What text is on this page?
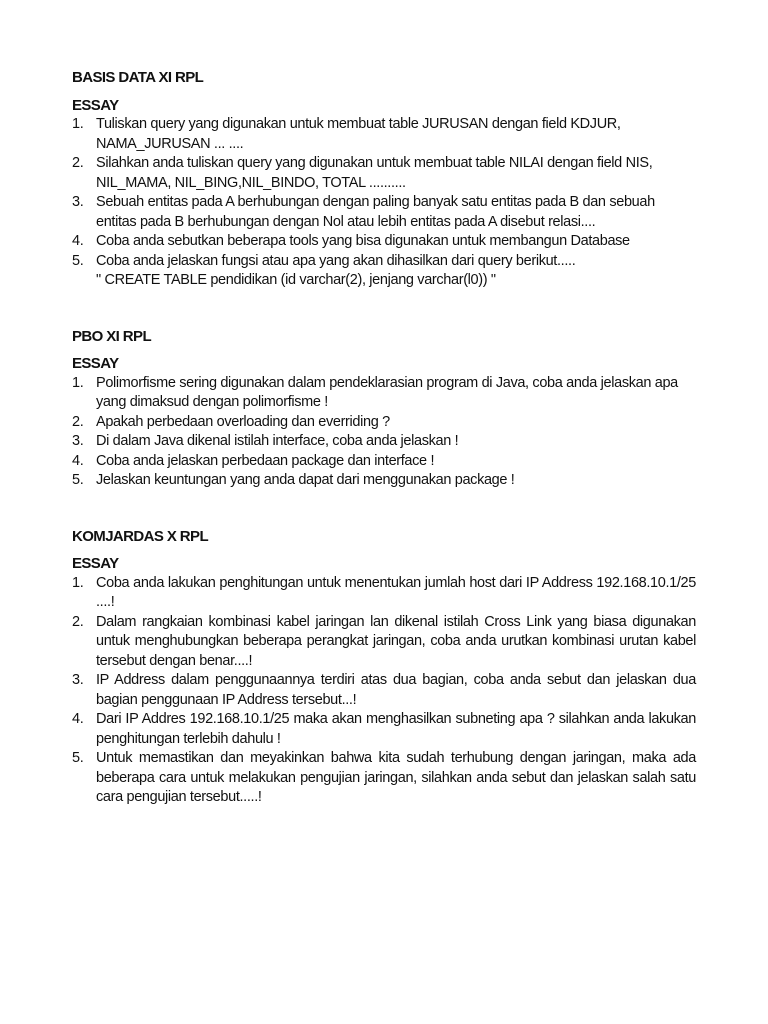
BASIS DATA XI RPL
ESSAY
1. Tuliskan query yang digunakan untuk membuat table JURUSAN dengan field KDJUR, NAMA_JURUSAN ... ....
2. Silahkan anda tuliskan query yang digunakan untuk membuat table NILAI dengan field NIS, NIL_MAMA, NIL_BING,NIL_BINDO, TOTAL ..........
3. Sebuah entitas pada A berhubungan dengan paling banyak satu entitas pada B dan sebuah entitas pada B berhubungan dengan Nol atau lebih entitas pada A disebut relasi....
4. Coba anda sebutkan beberapa tools yang bisa digunakan untuk membangun Database
5. Coba anda jelaskan fungsi atau apa yang akan dihasilkan dari query berikut.....
" CREATE TABLE pendidikan (id varchar(2), jenjang varchar(l0)) "
PBO XI RPL
ESSAY
1. Polimorfisme sering digunakan dalam pendeklarasian program di Java, coba anda jelaskan apa yang dimaksud dengan polimorfisme !
2. Apakah perbedaan overloading dan everriding ?
3. Di dalam Java dikenal istilah interface, coba anda jelaskan !
4. Coba anda jelaskan perbedaan package dan interface !
5. Jelaskan keuntungan yang anda dapat dari menggunakan package !
KOMJARDAS X RPL
ESSAY
1. Coba anda lakukan penghitungan untuk menentukan jumlah host dari IP Address 192.168.10.1/25 ....!
2. Dalam rangkaian kombinasi kabel jaringan lan dikenal istilah Cross Link yang biasa digunakan untuk menghubungkan beberapa perangkat jaringan, coba anda urutkan kombinasi urutan kabel tersebut dengan benar....!
3. IP Address dalam penggunaannya terdiri atas dua bagian, coba anda sebut dan jelaskan dua bagian penggunaan IP Address tersebut...!
4. Dari IP Addres 192.168.10.1/25 maka akan menghasilkan subneting apa ? silahkan anda lakukan penghitungan terlebih dahulu !
5. Untuk memastikan dan meyakinkan bahwa kita sudah terhubung dengan jaringan, maka ada beberapa cara untuk melakukan pengujian jaringan, silahkan anda sebut dan jelaskan salah satu cara pengujian tersebut.....!
